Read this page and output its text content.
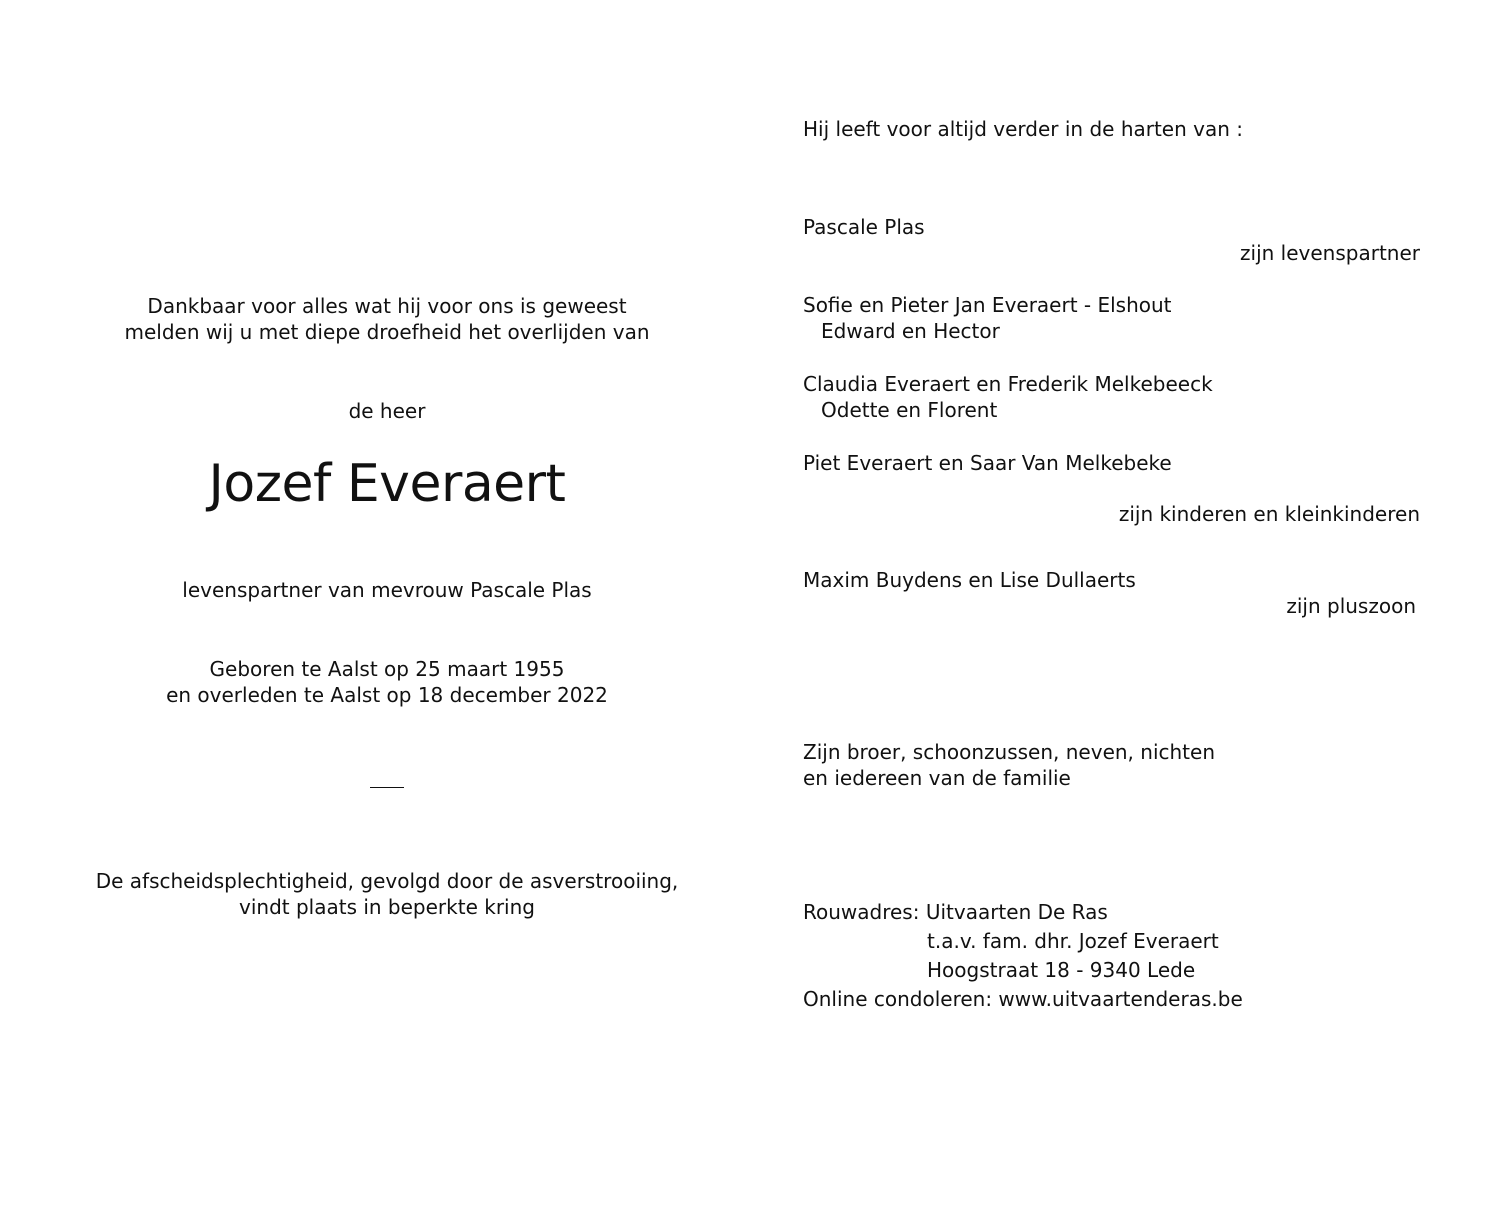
Dankbaar voor alles wat hij voor ons is geweest
melden wij u met diepe droefheid het overlijden van
de heer
Jozef Everaert
levenspartner van mevrouw Pascale Plas
Geboren te Aalst op 25 maart 1955
en overleden te Aalst op 18 december 2022
De afscheidsplechtigheid, gevolgd door de asverstrooiing,
vindt plaats in beperkte kring
Hij leeft voor altijd verder in de harten van :
Pascale Plas
zijn levenspartner
Sofie en Pieter Jan Everaert - Elshout
Edward en Hector
Claudia Everaert en Frederik Melkebeeck
Odette en Florent
Piet Everaert en Saar Van Melkebeke
zijn kinderen en kleinkinderen
Maxim Buydens en Lise Dullaerts
zijn pluszoon
Zijn broer, schoonzussen, neven, nichten
en iedereen van de familie
Rouwadres: Uitvaarten De Ras
t.a.v. fam. dhr. Jozef Everaert
Hoogstraat 18 - 9340 Lede
Online condoleren: www.uitvaartenderas.be
